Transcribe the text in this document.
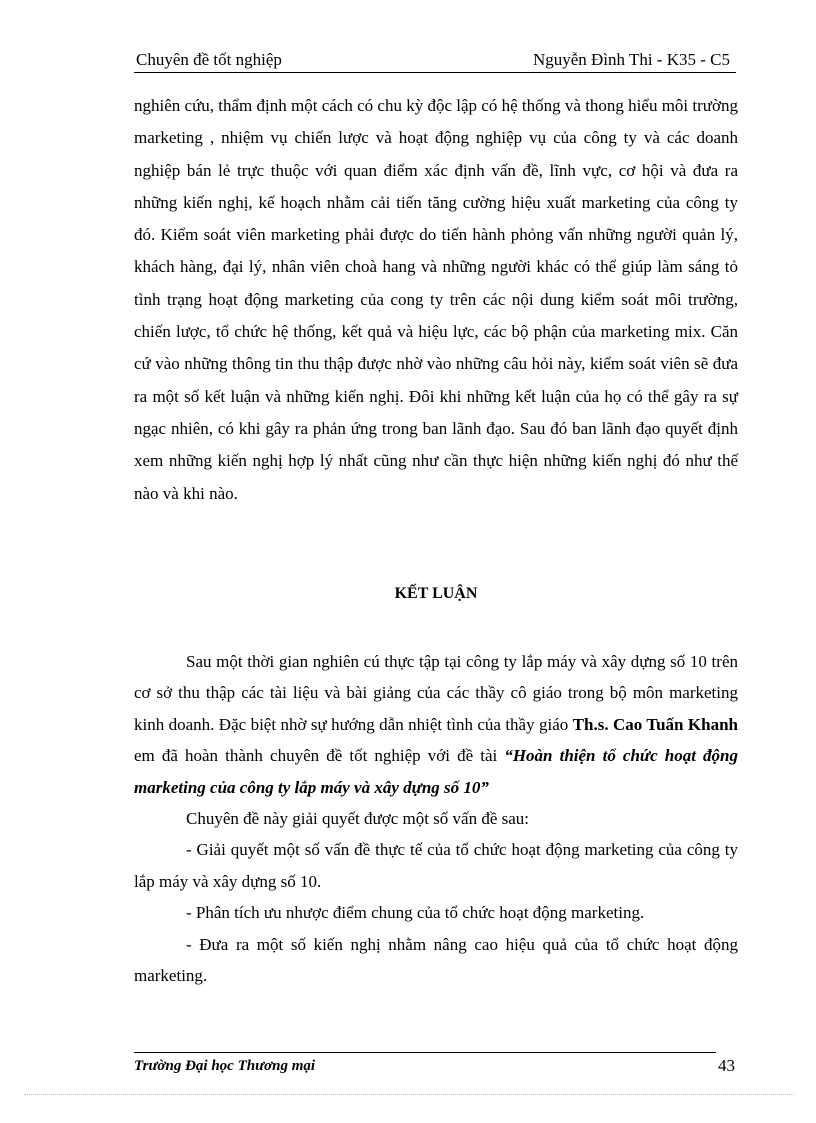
Chuyên đề tốt nghiệp	Nguyễn Đình Thi - K35 - C5

nghiên cứu, thẩm định một cách có chu kỳ độc lập có hệ thống và thong hiểu môi trường marketing , nhiệm vụ chiến lược và hoạt động nghiệp vụ của công ty và các doanh nghiệp bán lẻ trực thuộc với quan điểm xác định vấn đề, lĩnh vực, cơ hội và đưa ra những kiến nghị, kế hoạch nhằm cải tiến tăng cường hiệu xuất marketing của công ty đó. Kiểm soát viên marketing phải được do tiến hành phỏng vấn những người quản lý, khách hàng, đại lý, nhân viên choà hang và những người khác có thể giúp làm sáng tỏ tình trạng hoạt động marketing của cong ty trên các nội dung kiểm soát môi trường, chiến lược, tổ chức hệ thống, kết quả và hiệu lực, các bộ phận của marketing mix. Căn cứ vào những thông tin thu thập được nhờ vào những câu hỏi này, kiểm soát viên sẽ đưa ra một số kết luận và những kiến nghị. Đôi khi những kết luận của họ có thể gây ra sự ngạc nhiên, có khi gây ra phản ứng trong ban lãnh đạo. Sau đó ban lãnh đạo quyết định xem những kiến nghị hợp lý nhất cũng như cần thực hiện những kiến nghị đó như thế nào và khi nào.

KẾT LUẬN

Sau một thời gian nghiên cú thực tập tại công ty lắp máy và xây dựng số 10 trên cơ sở thu thập các tài liệu và bài giảng của các thầy cô giáo trong bộ môn marketing kinh doanh. Đặc biệt nhờ sự hướng dẫn nhiệt tình của thầy giáo Th.s. Cao Tuấn Khanh em đã hoàn thành chuyên đề tốt nghiệp với đề tài “Hoàn thiện tổ chức hoạt động marketing của công ty lắp máy và xây dựng số 10”

Chuyên đề này giải quyết được một số vấn đề sau:

- Giải quyết một số vấn đề thực tế của tổ chức hoạt động marketing của công ty lắp máy và xây dựng số 10.

- Phân tích ưu nhược điểm chung của tổ chức hoạt động marketing.

- Đưa ra một số kiến nghị nhằm nâng cao hiệu quả của tổ chức hoạt động marketing.

Trường Đại học Thương mại	43
